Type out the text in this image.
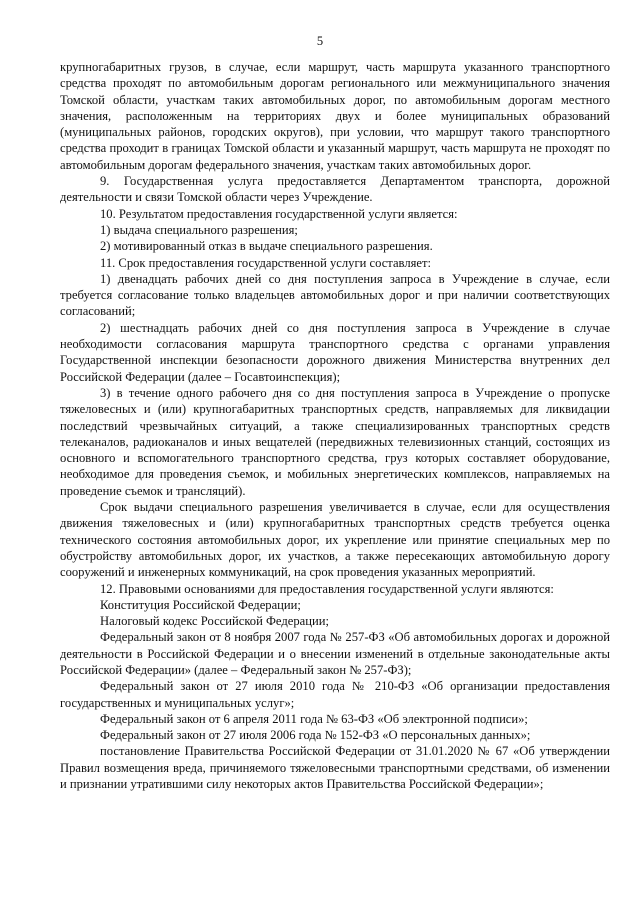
5

крупногабаритных грузов, в случае, если маршрут, часть маршрута указанного транспортного средства проходят по автомобильным дорогам регионального или межмуниципального значения Томской области, участкам таких автомобильных дорог, по автомобильным дорогам местного значения, расположенным на территориях двух и более муниципальных образований (муниципальных районов, городских округов), при условии, что маршрут такого транспортного средства проходит в границах Томской области и указанный маршрут, часть маршрута не проходят по автомобильным дорогам федерального значения, участкам таких автомобильных дорог.

9. Государственная услуга предоставляется Департаментом транспорта, дорожной деятельности и связи Томской области через Учреждение.

10. Результатом предоставления государственной услуги является:

1) выдача специального разрешения;

2) мотивированный отказ в выдаче специального разрешения.

11. Срок предоставления государственной услуги составляет:

1) двенадцать рабочих дней со дня поступления запроса в Учреждение в случае, если требуется согласование только владельцев автомобильных дорог и при наличии соответствующих согласований;

2) шестнадцать рабочих дней со дня поступления запроса в Учреждение в случае необходимости согласования маршрута транспортного средства с органами управления Государственной инспекции безопасности дорожного движения Министерства внутренних дел Российской Федерации (далее – Госавтоинспекция);

3) в течение одного рабочего дня со дня поступления запроса в Учреждение о пропуске тяжеловесных и (или) крупногабаритных транспортных средств, направляемых для ликвидации последствий чрезвычайных ситуаций, а также специализированных транспортных средств телеканалов, радиоканалов и иных вещателей (передвижных телевизионных станций, состоящих из основного и вспомогательного транспортного средства, груз которых составляет оборудование, необходимое для проведения съемок, и мобильных энергетических комплексов, направляемых на проведение съемок и трансляций).

Срок выдачи специального разрешения увеличивается в случае, если для осуществления движения тяжеловесных и (или) крупногабаритных транспортных средств требуется оценка технического состояния автомобильных дорог, их укрепление или принятие специальных мер по обустройству автомобильных дорог, их участков, а также пересекающих автомобильную дорогу сооружений и инженерных коммуникаций, на срок проведения указанных мероприятий.

12. Правовыми основаниями для предоставления государственной услуги являются:

Конституция Российской Федерации;

Налоговый кодекс Российской Федерации;

Федеральный закон от 8 ноября 2007 года № 257-ФЗ «Об автомобильных дорогах и дорожной деятельности в Российской Федерации и о внесении изменений в отдельные законодательные акты Российской Федерации» (далее – Федеральный закон № 257-ФЗ);

Федеральный закон от 27 июля 2010 года № 210-ФЗ «Об организации предоставления государственных и муниципальных услуг»;

Федеральный закон от 6 апреля 2011 года № 63-ФЗ «Об электронной подписи»;

Федеральный закон от 27 июля 2006 года № 152-ФЗ «О персональных данных»;

постановление Правительства Российской Федерации от 31.01.2020 № 67 «Об утверждении Правил возмещения вреда, причиняемого тяжеловесными транспортными средствами, об изменении и признании утратившими силу некоторых актов Правительства Российской Федерации»;
